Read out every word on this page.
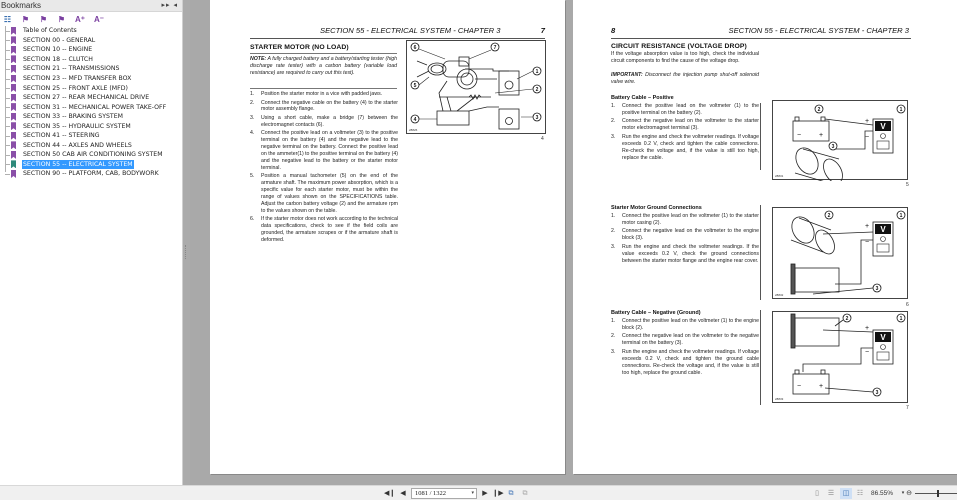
Bookmarks	▸▸ ◂
☷ ⚑ ⚑ ⚑ A⁺ A⁻
Table of Contents
SECTION 00 - GENERAL
SECTION 10 -- ENGINE
SECTION 18 -- CLUTCH
SECTION 21 -- TRANSMISSIONS
SECTION 23 -- MFD TRANSFER BOX
SECTION 25 -- FRONT AXLE (MFD)
SECTION 27 -- REAR MECHANICAL DRIVE
SECTION 31 -- MECHANICAL POWER TAKE-OFF
SECTION 33 -- BRAKING SYSTEM
SECTION 35 -- HYDRAULIC SYSTEM
SECTION 41 -- STEERING
SECTION 44 -- AXLES AND WHEELS
SECTION 50 CAB AIR CONDITIONING SYSTEM
SECTION 55 -- ELECTRICAL SYSTEM
SECTION 90 -- PLATFORM, CAB, BODYWORK
SECTION 55 - ELECTRICAL SYSTEM - CHAPTER 3	7

STARTER MOTOR (NO LOAD)
NOTE: A fully charged battery and a battery/starting tester (high discharge rate tester) with a carbon battery (variable load resistance) are required to carry out this test).
1.	Position the starter motor in a vice with padded jaws.
2.	Connect the negative cable on the battery (4) to the starter motor assembly flange.
3.	Using a short cable, make a bridge (7) between the electromagnet contacts (6).
4.	Connect the positive lead on a voltmeter (3) to the positive terminal on the battery (4) and the negative lead to the negative terminal on the battery. Connect the positive lead on the ammeter(1) to the positive terminal on the battery (4) and the negative lead to the battery or the starter motor terminal.
5.	Position a manual tachometer (5) on the end of the armature shaft. The maximum power absorption, which is a specific value for each starter motor, must be within the range of values shown on the SPECIFICATIONS table. Adjust the carbon battery voltage (2) and the armature rpm to the values shown on the table.
6.	If the starter motor does not work according to the technical data specifications, check to see if the field coils are grounded, the armature scrapes or if the armature shaft is deformed.
6	7
5
1
2
3
4
28826
4
8	SECTION 55 - ELECTRICAL SYSTEM - CHAPTER 3

CIRCUIT RESISTANCE (VOLTAGE DROP)
If the voltage absorption value is too high, check the individual circuit components to find the cause of the voltage drop.
IMPORTANT: Disconnect the injection pump shut-off solenoid valve wire.
Battery Cable – Positive
1.	Connect the positive lead on the voltmeter (1) to the positive terminal on the battery (2).
2.	Connect the negative lead on the voltmeter to the starter motor electromagnet terminal (3).
3.	Run the engine and check the voltmeter readings. If voltage exceeds 0.2 V, check and tighten the cable connections. Re-check the voltage and, if the value is still too high, replace the cable.
V
−	+
+
−
2	1
3
28831
5
Starter Motor Ground Connections
1.	Connect the positive lead on the voltmeter (1) to the starter motor casing (2).
2.	Connect the negative lead on the voltmeter to the engine block (3).
3.	Run the engine and check the voltmeter readings. If the value exceeds 0.2 V, check the ground connections between the starter motor flange and the engine rear cover.
V
+
−
2	1
3
28832
6
Battery Cable – Negative (Ground)
1.	Connect the positive lead on the voltmeter (1) to the engine block (2).
2.	Connect the negative lead on the voltmeter to the negative terminal on the battery (3).
3.	Run the engine and check the voltmeter readings. If voltage exceeds 0.2 V, check and tighten the ground cable connections. Re-check the voltage and, if the value is still too high, replace the ground cable.
V
−	+
+
−
2	1
3
28833
7
◀❙ ◀	1081 / 1322	▾	▶ ❙▶ ⧉	⧉	▯	☰	◫	☷ 86.55%	▾ ⊖
